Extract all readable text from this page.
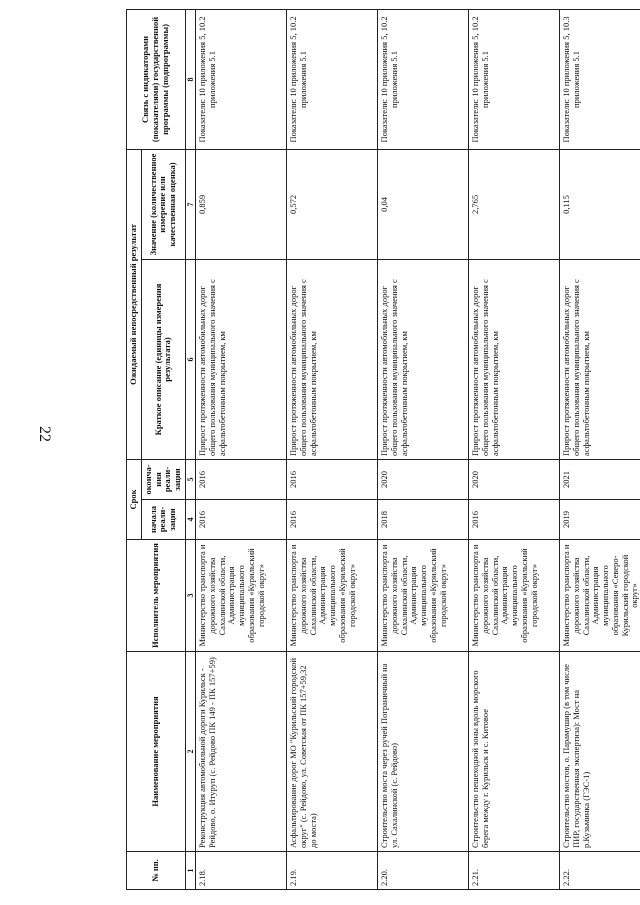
22
№ пп.	Наименование мероприятия	Исполнитель мероприятия	Срок		Ожидаемый непосредственный результат		Связь с индикаторами (показателями) государственной программы (подпрограммы)
			начала реализации	окончания реализации	Краткое описание (единицы измерения результата)	Значение (количественное измерение или качественная оценка)	

1	2	3	4	5	6	7	8
2.18.	Реконструкция автомобильной дороги Курильск - Рейдово, о. Итуруп (с. Рейдово ПК 149 - ПК 157+59)	Министерство транспорта и дорожного хозяйства Сахалинской области, Администрация муниципального образования «Курильский городской округ»	2016	2016	Прирост протяженности автомобильных дорог общего пользования муниципального значения с асфальтобетонным покрытием, км	0,859	Показатели: 10 приложения 5, 10.2 приложения 5.1
2.19.	Асфальтирование дорог МО "Курильский городской округ" (с. Рейдово, ул. Советская от ПК 157+59,32 до моста)	Министерство транспорта и дорожного хозяйства Сахалинской области, Администрация муниципального образования «Курильский городской округ»	2016	2016	Прирост протяженности автомобильных дорог общего пользования муниципального значения с асфальтобетонным покрытием, км	0,572	Показатели: 10 приложения 5, 10.2 приложения 5.1
2.20.	Строительство моста через ручей Пограничный на ул. Сахалинской (с. Рейдово)	Министерство транспорта и дорожного хозяйства Сахалинской области, Администрация муниципального образования «Курильский городской округ»	2018	2020	Прирост протяженности автомобильных дорог общего пользования муниципального значения с асфальтобетонным покрытием, км	0,04	Показатели: 10 приложения 5, 10.2 приложения 5.1
2.21.	Строительство пешеходной зоны вдоль морского берега между г. Курильск и с. Китовое	Министерство транспорта и дорожного хозяйства Сахалинской области, Администрация муниципального образования «Курильский городской округ»	2016	2020	Прирост протяженности автомобильных дорог общего пользования муниципального значения с асфальтобетонным покрытием, км	2,765	Показатели: 10 приложения 5, 10.2 приложения 5.1
2.22.	Строительство мостов, о. Парамушир (в том числе ПИР, государственная экспертиза): Мост на р.Кузьминка (ГЭС-1)	Министерство транспорта и дорожного хозяйства Сахалинской области, Администрация муниципального образования «Северо-Курильский городской округ»	2019	2021	Прирост протяженности автомобильных дорог общего пользования муниципального значения с асфальтобетонным покрытием, км	0,115	Показатели: 10 приложения 5, 10.3 приложения 5.1
